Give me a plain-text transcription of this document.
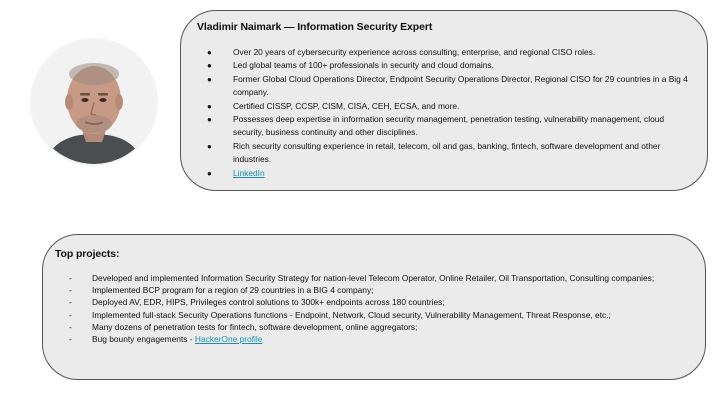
Vladimir Naimark — Information Security Expert
●	Over 20 years of cybersecurity experience across consulting, enterprise, and regional CISO roles.
●	Led global teams of 100+ professionals in security and cloud domains.
●	Former Global Cloud Operations Director, Endpoint Security Operations Director, Regional CISO for 29 countries in a Big 4 company.
●	Certified CISSP, CCSP, CISM, CISA, CEH, ECSA, and more.
●	Possesses deep expertise in information security management, penetration testing, vulnerability management, cloud security, business continuity and other disciplines.
●	Rich security consulting experience in retail, telecom, oil and gas, banking, fintech, software development and other industries.
●	LinkedIn
Top projects:
- Developed and implemented Information Security Strategy for nation-level Telecom Operator, Online Retailer, Oil Transportation, Consulting companies;
- Implemented BCP program for a region of 29 countries in a BIG 4 company;
- Deployed AV, EDR, HIPS, Privileges control solutions to 300k+ endpoints across 180 countries;
- Implemented full-stack Security Operations functions - Endpoint, Network, Cloud security, Vulnerability Management, Threat Response, etc.;
- Many dozens of penetration tests for fintech, software development, online aggregators;
- Bug bounty engagements - HackerOne profile
